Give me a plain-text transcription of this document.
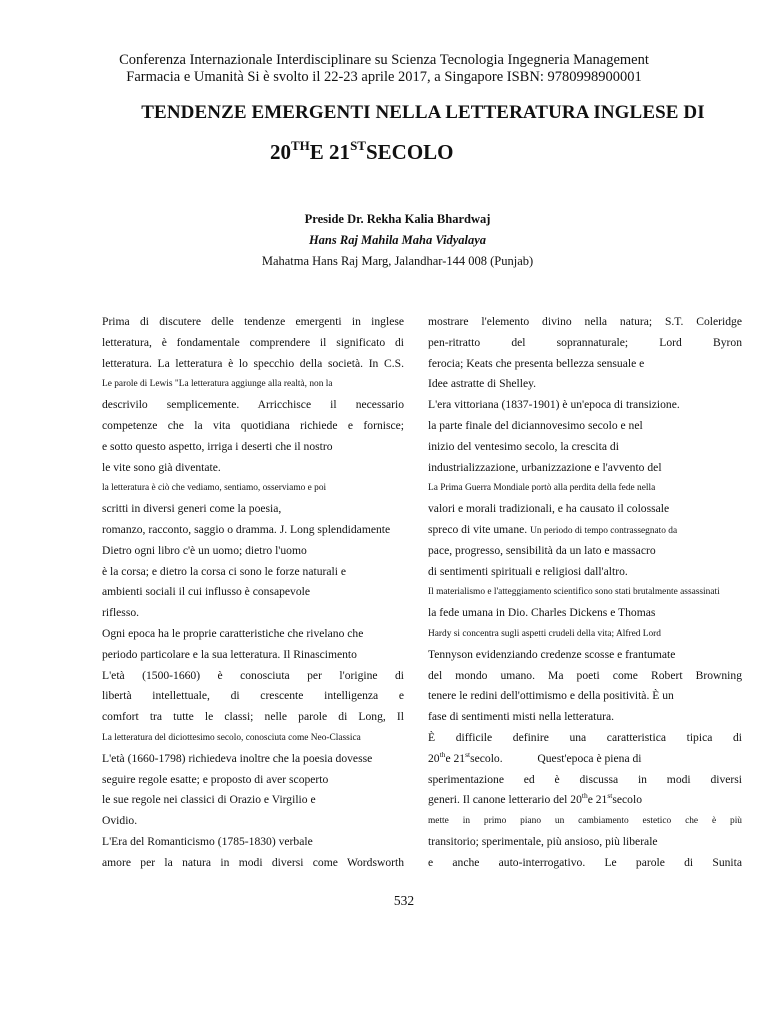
Conferenza Internazionale Interdisciplinare su Scienza Tecnologia Ingegneria Management
Farmacia e Umanità Si è svolto il 22-23 aprile 2017, a Singapore ISBN: 9780998900001
TENDENZE EMERGENTI NELLA LETTERATURA INGLESE DI
20THE 21STSECOLO
Preside Dr. Rekha Kalia Bhardwaj
Hans Raj Mahila Maha Vidyalaya
Mahatma Hans Raj Marg, Jalandhar-144 008 (Punjab)
Prima di discutere delle tendenze emergenti in inglese
letteratura, è fondamentale comprendere il significato di
letteratura. La letteratura è lo specchio della società. In C.S.
Le parole di Lewis "La letteratura aggiunge alla realtà, non la
descrivilo semplicemente. Arricchisce il necessario
competenze che la vita quotidiana richiede e fornisce;
e sotto questo aspetto, irriga i deserti che il nostro
le vite sono già diventate.
la letteratura è ciò che vediamo, sentiamo, osserviamo e poi
scritti in diversi generi come la poesia,
romanzo, racconto, saggio o dramma. J. Long splendidamente
Dietro ogni libro c'è un uomo; dietro l'uomo
è la corsa; e dietro la corsa ci sono le forze naturali e
ambienti sociali il cui influsso è consapevole
riflesso.
Ogni epoca ha le proprie caratteristiche che rivelano che
periodo particolare e la sua letteratura. Il Rinascimento
L'età (1500-1660) è conosciuta per l'origine di
libertà intellettuale, di crescente intelligenza e
comfort tra tutte le classi; nelle parole di Long, Il
La letteratura del diciottesimo secolo, conosciuta come Neo-Classica
L'età (1660-1798) richiedeva inoltre che la poesia dovesse
seguire regole esatte; e proposto di aver scoperto
le sue regole nei classici di Orazio e Virgilio e
Ovidio.
L'Era del Romanticismo (1785-1830) verbale
amore per la natura in modi diversi come Wordsworth
mostrare l'elemento divino nella natura; S.T. Coleridge
pen-ritratto del soprannaturale; Lord Byron
ferocia; Keats che presenta bellezza sensuale e
Idee astratte di Shelley.
L'era vittoriana (1837-1901) è un'epoca di transizione.
la parte finale del diciannovesimo secolo e nel
inizio del ventesimo secolo, la crescita di
industrializzazione, urbanizzazione e l'avvento del
La Prima Guerra Mondiale portò alla perdita della fede nella
valori e morali tradizionali, e ha causato il colossale
spreco di vite umane. Un periodo di tempo contrassegnato da
pace, progresso, sensibilità da un lato e massacro
di sentimenti spirituali e religiosi dall'altro.
Il materialismo e l'atteggiamento scientifico sono stati brutalmente assassinati
la fede umana in Dio. Charles Dickens e Thomas
Hardy si concentra sugli aspetti crudeli della vita; Alfred Lord
Tennyson evidenziando credenze scosse e frantumate
del mondo umano. Ma poeti come Robert Browning
tenere le redini dell'ottimismo e della positività. È un
fase di sentimenti misti nella letteratura.
È difficile definire una caratteristica tipica di
20the 21stsecolo.            Quest'epoca è piena di
sperimentazione ed è discussa in modi diversi
generi. Il canone letterario del 20the 21stsecolo
mette in primo piano un cambiamento estetico che è più
transitorio; sperimentale, più ansioso, più liberale
e anche auto-interrogativo. Le parole di Sunita
532
